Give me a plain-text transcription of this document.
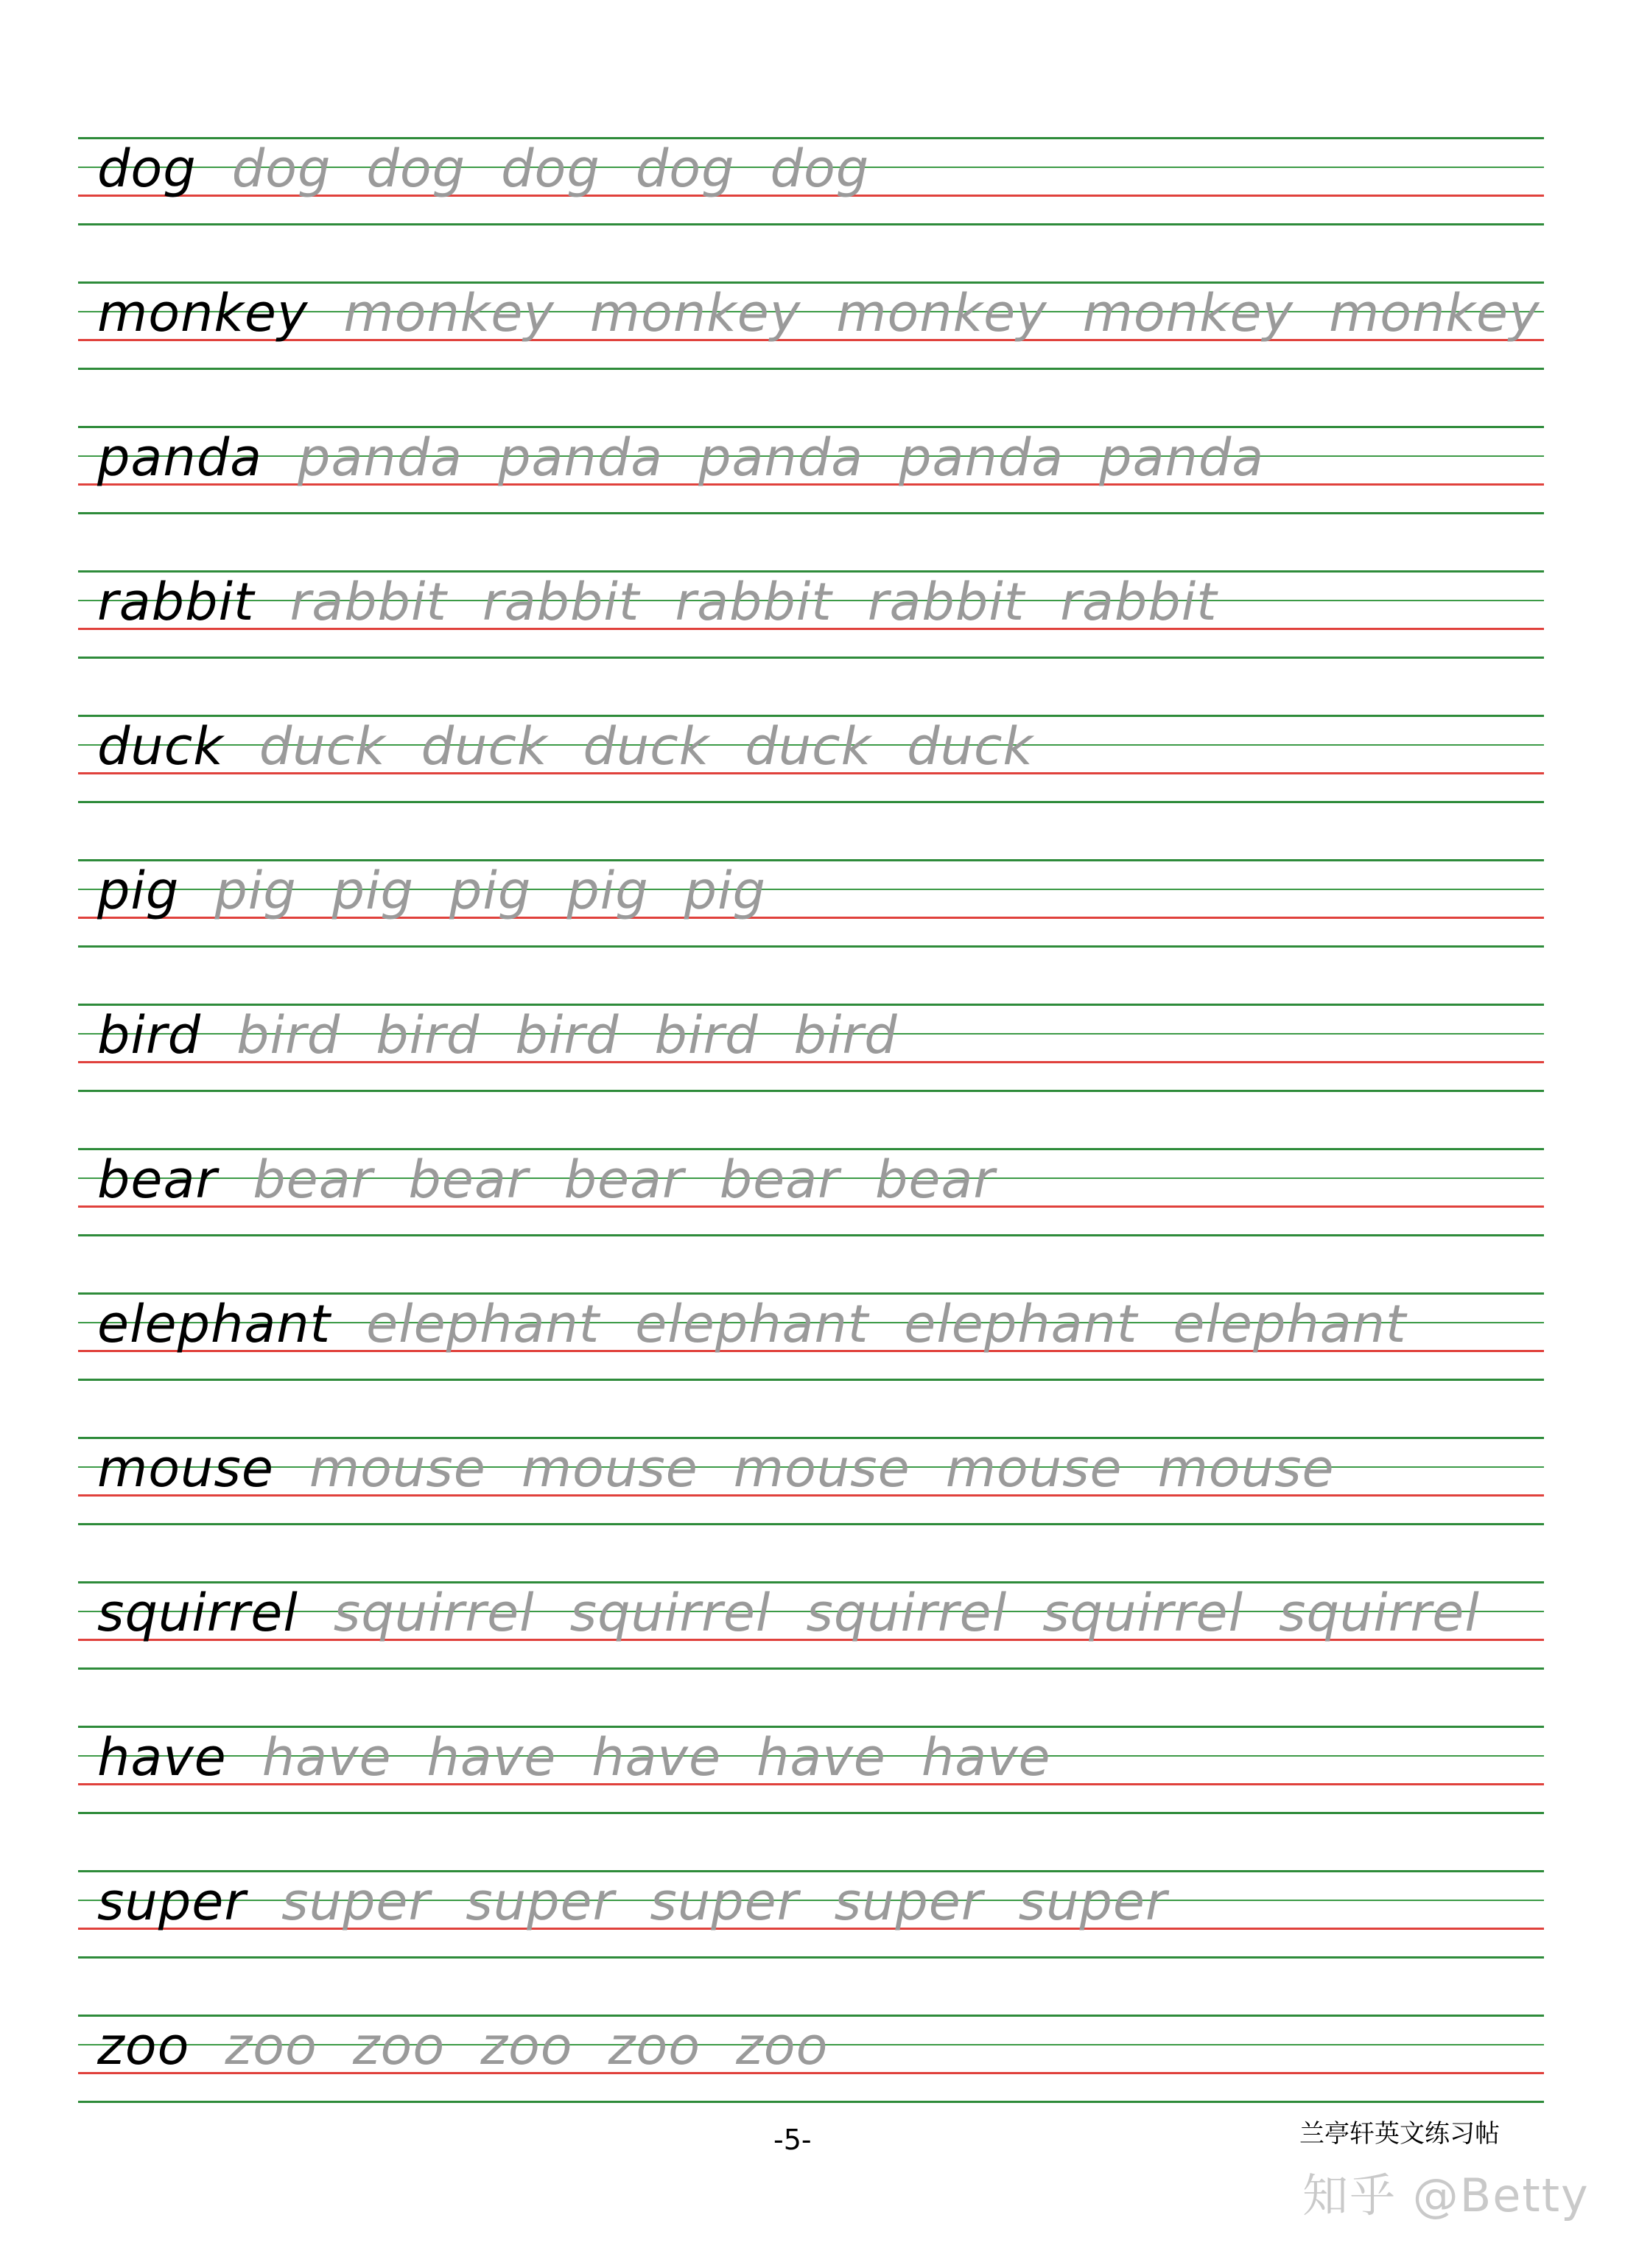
dog dog dog dog dog dog
monkey monkey monkey monkey monkey monkey
panda panda panda panda panda panda
rabbit rabbit rabbit rabbit rabbit rabbit
duck duck duck duck duck duck
pig pig pig pig pig pig
bird bird bird bird bird bird
bear bear bear bear bear bear
elephant elephant elephant elephant elephant
mouse mouse mouse mouse mouse mouse
squirrel squirrel squirrel squirrel squirrel squirrel
have have have have have have
super super super super super super
zoo zoo zoo zoo zoo zoo
-5-	兰亭轩英文练习帖
知乎 @Betty
